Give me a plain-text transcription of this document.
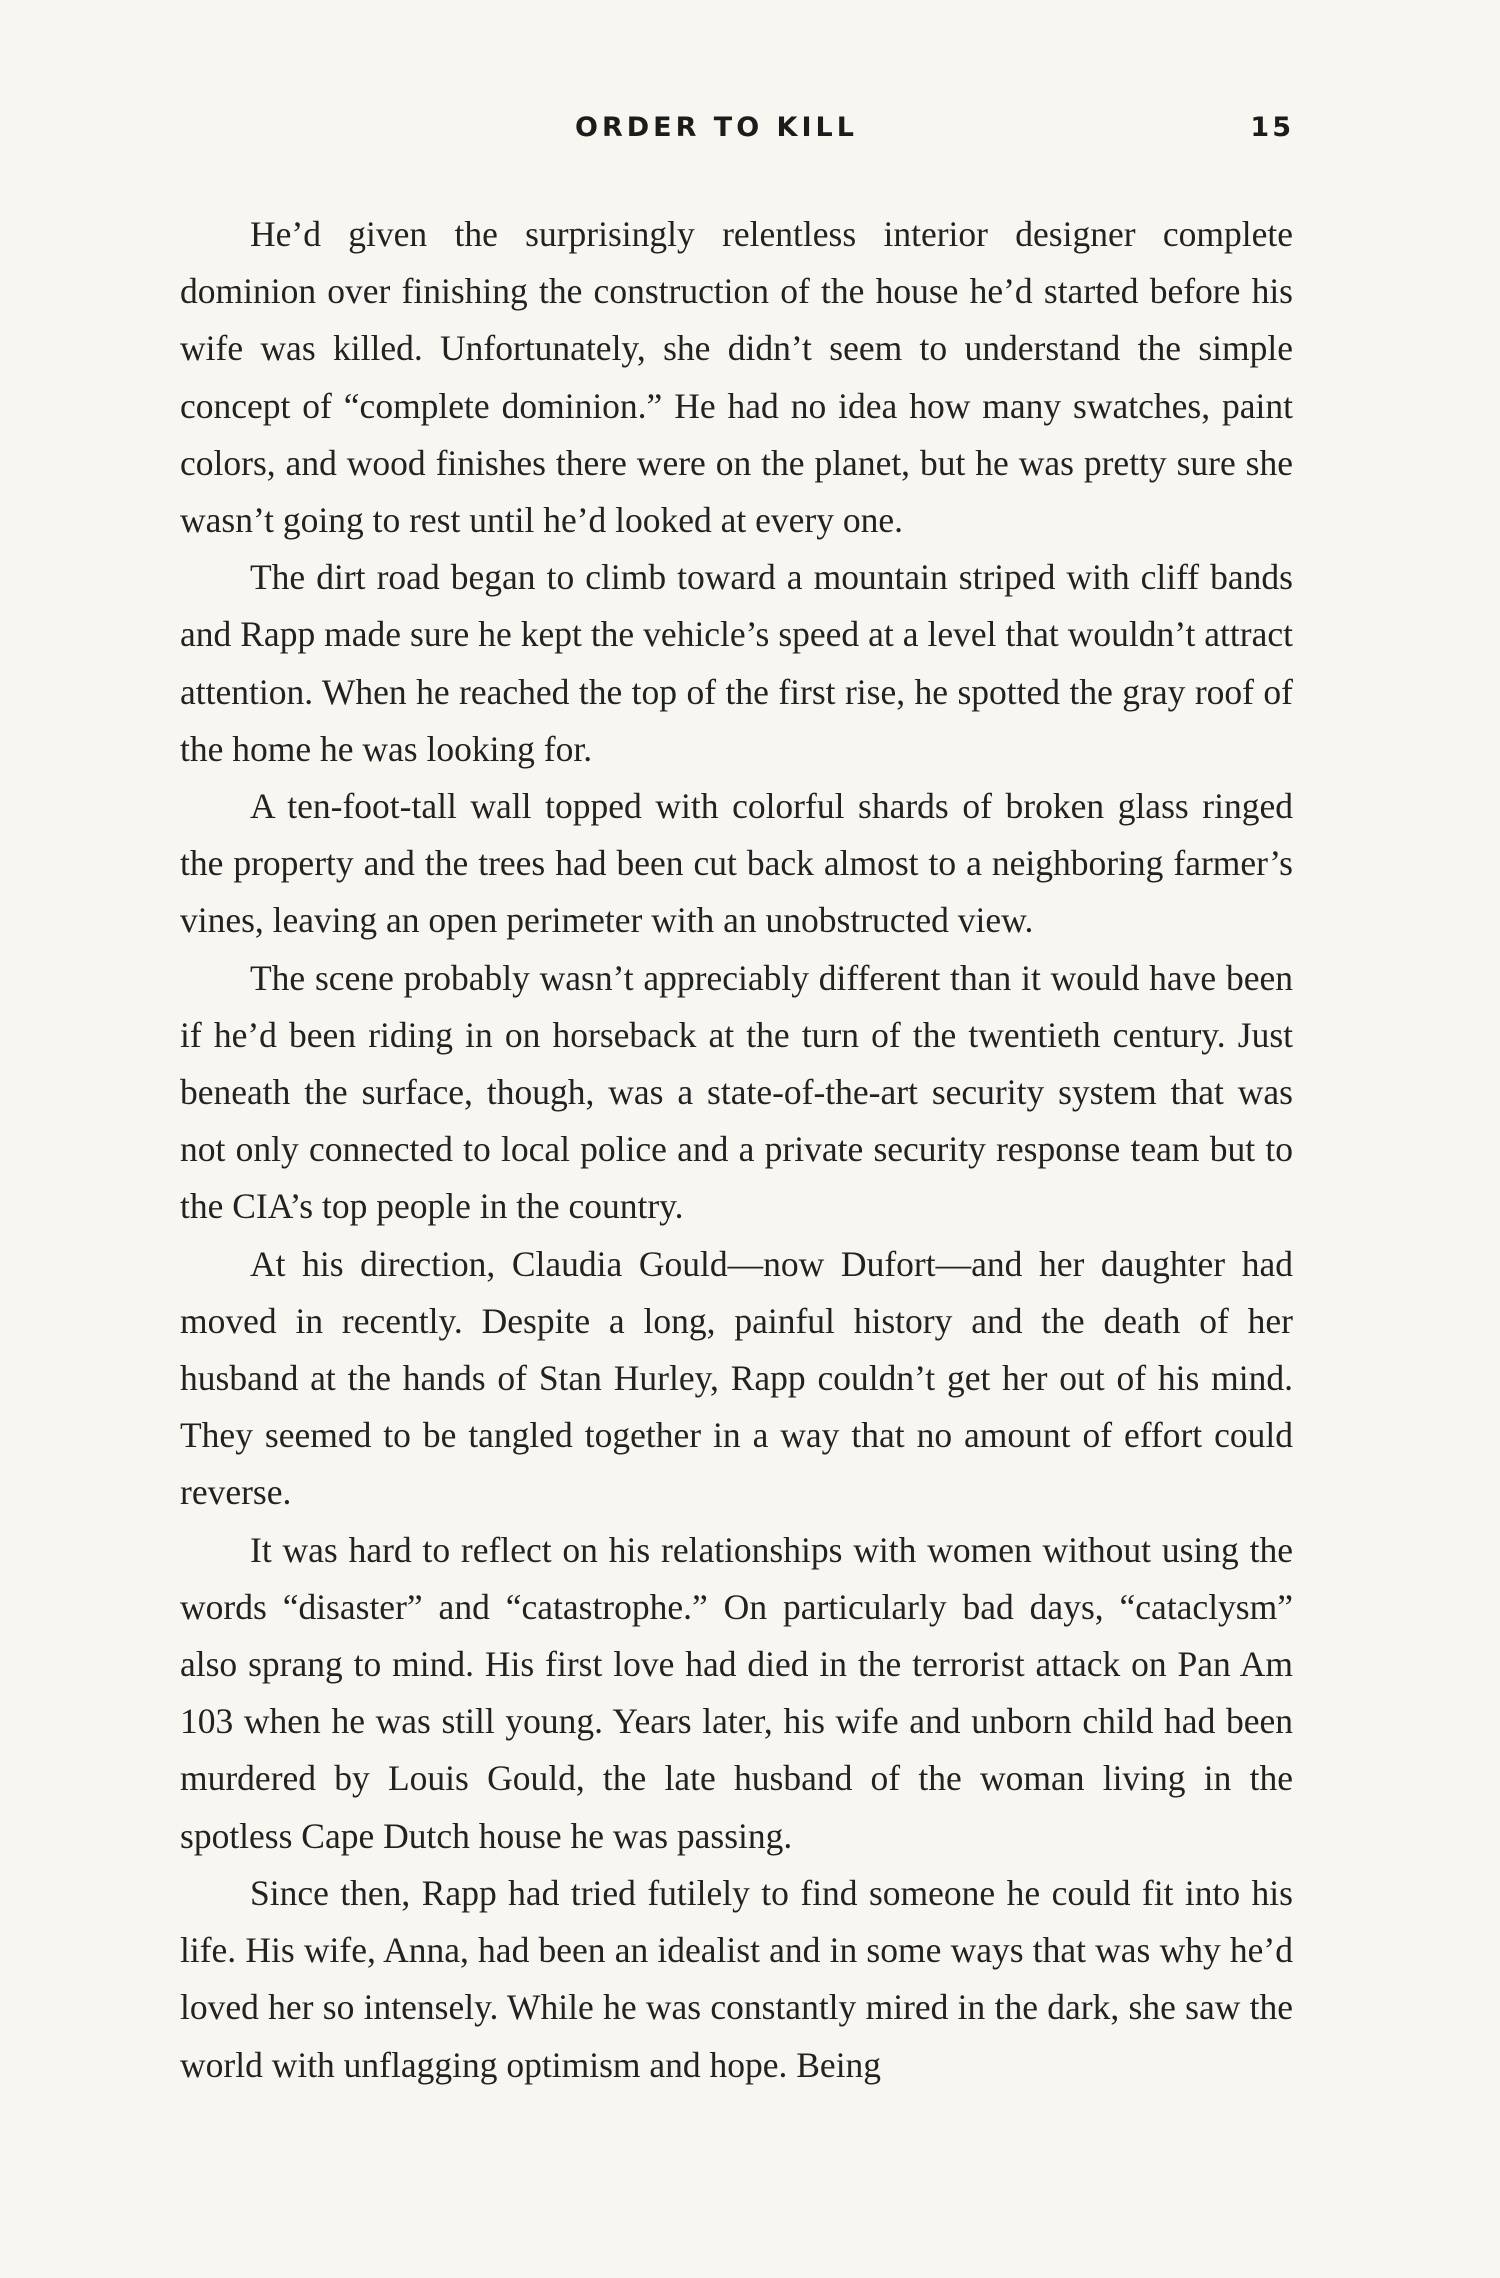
ORDER TO KILL	15

He’d given the surprisingly relentless interior designer complete dominion over finishing the construction of the house he’d started before his wife was killed. Unfortunately, she didn’t seem to understand the simple concept of “complete dominion.” He had no idea how many swatches, paint colors, and wood finishes there were on the planet, but he was pretty sure she wasn’t going to rest until he’d looked at every one.

The dirt road began to climb toward a mountain striped with cliff bands and Rapp made sure he kept the vehicle’s speed at a level that wouldn’t attract attention. When he reached the top of the first rise, he spotted the gray roof of the home he was looking for.

A ten-foot-tall wall topped with colorful shards of broken glass ringed the property and the trees had been cut back almost to a neighboring farmer’s vines, leaving an open perimeter with an unobstructed view.

The scene probably wasn’t appreciably different than it would have been if he’d been riding in on horseback at the turn of the twentieth century. Just beneath the surface, though, was a state-of-the-art security system that was not only connected to local police and a private security response team but to the CIA’s top people in the country.

At his direction, Claudia Gould—now Dufort—and her daughter had moved in recently. Despite a long, painful history and the death of her husband at the hands of Stan Hurley, Rapp couldn’t get her out of his mind. They seemed to be tangled together in a way that no amount of effort could reverse.

It was hard to reflect on his relationships with women without using the words “disaster” and “catastrophe.” On particularly bad days, “cataclysm” also sprang to mind. His first love had died in the terrorist attack on Pan Am 103 when he was still young. Years later, his wife and unborn child had been murdered by Louis Gould, the late husband of the woman living in the spotless Cape Dutch house he was passing.

Since then, Rapp had tried futilely to find someone he could fit into his life. His wife, Anna, had been an idealist and in some ways that was why he’d loved her so intensely. While he was constantly mired in the dark, she saw the world with unflagging optimism and hope. Being
